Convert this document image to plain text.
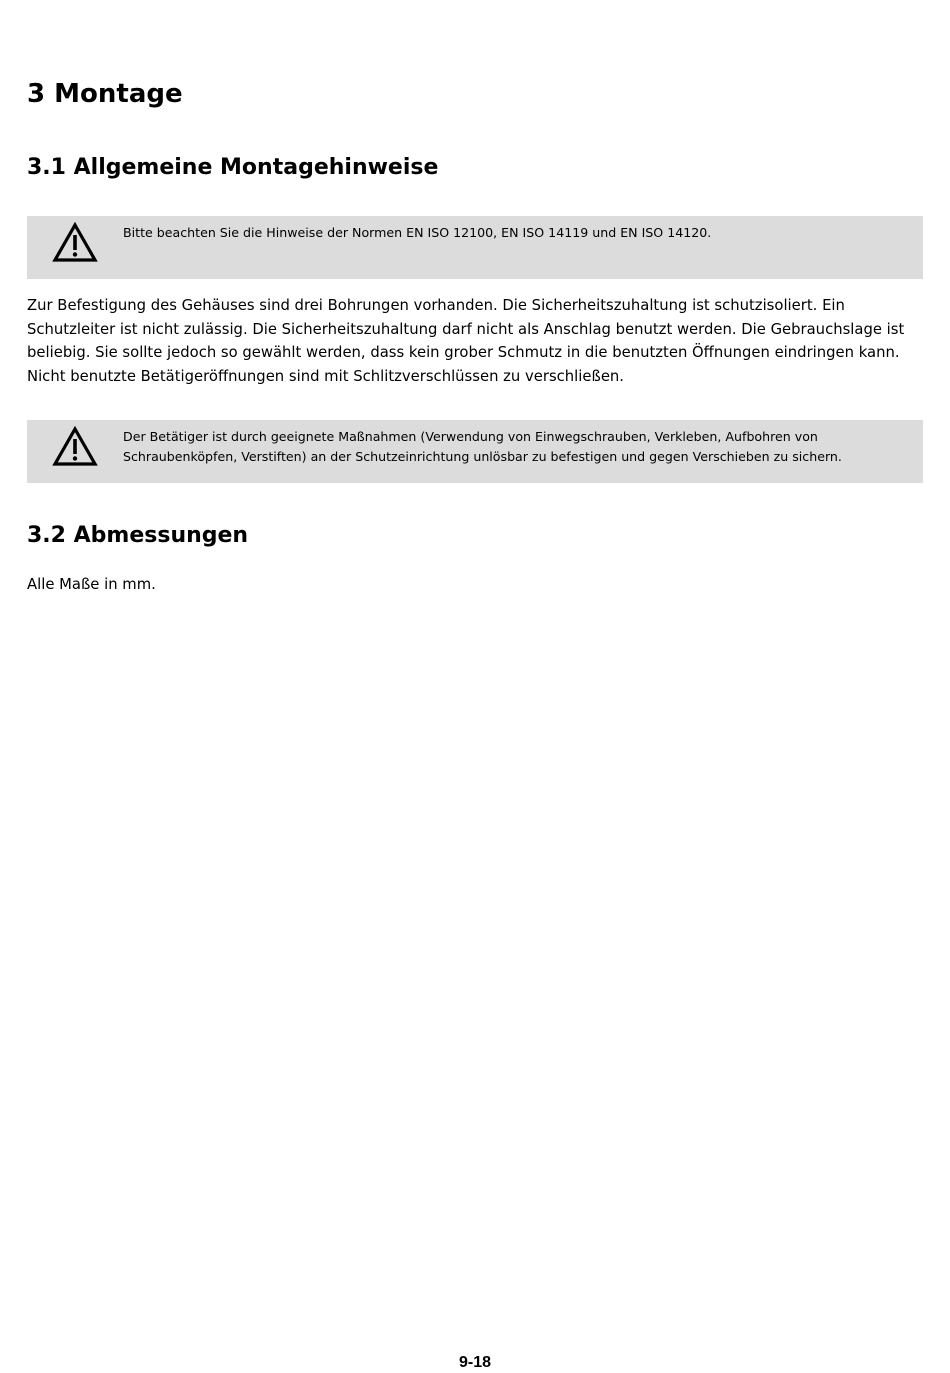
3 Montage
3.1 Allgemeine Montagehinweise
Bitte beachten Sie die Hinweise der Normen EN ISO 12100, EN ISO 14119 und EN ISO 14120.

Zur Befestigung des Gehäuses sind drei Bohrungen vorhanden. Die Sicherheitszuhaltung ist schutzisoliert. Ein Schutzleiter ist nicht zulässig. Die Sicherheitszuhaltung darf nicht als Anschlag benutzt werden. Die Gebrauchslage ist beliebig. Sie sollte jedoch so gewählt werden, dass kein grober Schmutz in die benutzten Öffnungen eindringen kann. Nicht benutzte Betätigeröffnungen sind mit Schlitzverschlüssen zu verschließen.

Der Betätiger ist durch geeignete Maßnahmen (Verwendung von Einwegschrauben, Verkleben, Aufbohren von Schraubenköpfen, Verstiften) an der Schutzeinrichtung unlösbar zu befestigen und gegen Verschieben zu sichern.
3.2 Abmessungen

Alle Maße in mm.

9-18
